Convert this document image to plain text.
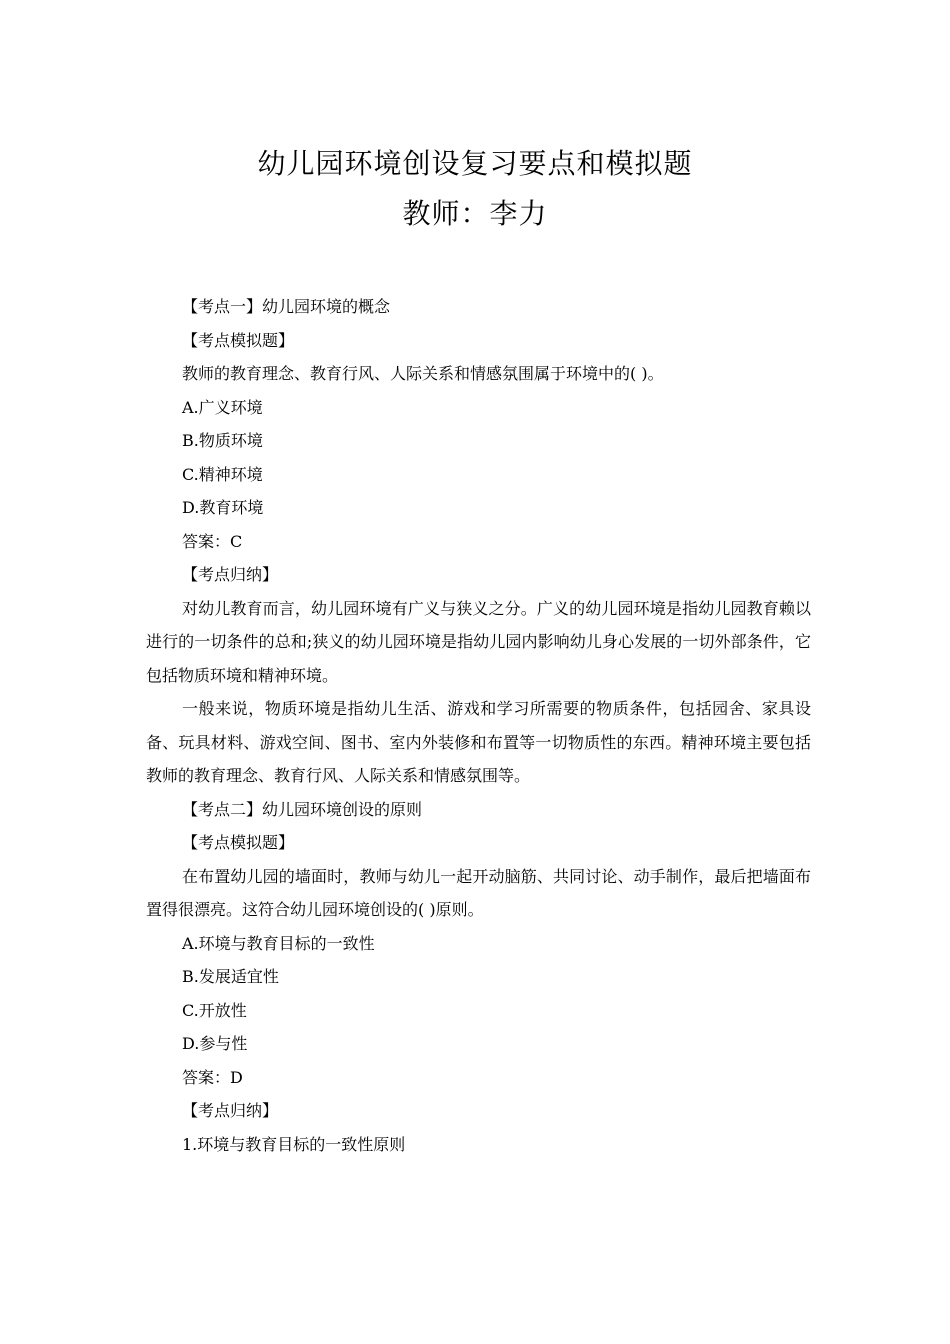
幼儿园环境创设复习要点和模拟题
教师：李力

【考点一】幼儿园环境的概念

【考点模拟题】

教师的教育理念、教育行风、人际关系和情感氛围属于环境中的( )。

A.广义环境

B.物质环境

C.精神环境

D.教育环境

答案：C

【考点归纳】

对幼儿教育而言，幼儿园环境有广义与狭义之分。广义的幼儿园环境是指幼儿园教育赖以进行的一切条件的总和;狭义的幼儿园环境是指幼儿园内影响幼儿身心发展的一切外部条件，它包括物质环境和精神环境。

一般来说，物质环境是指幼儿生活、游戏和学习所需要的物质条件，包括园舍、家具设备、玩具材料、游戏空间、图书、室内外装修和布置等一切物质性的东西。精神环境主要包括教师的教育理念、教育行风、人际关系和情感氛围等。

【考点二】幼儿园环境创设的原则

【考点模拟题】

在布置幼儿园的墙面时，教师与幼儿一起开动脑筋、共同讨论、动手制作，最后把墙面布置得很漂亮。这符合幼儿园环境创设的( )原则。

A.环境与教育目标的一致性

B.发展适宜性

C.开放性

D.参与性

答案：D

【考点归纳】

1.环境与教育目标的一致性原则
